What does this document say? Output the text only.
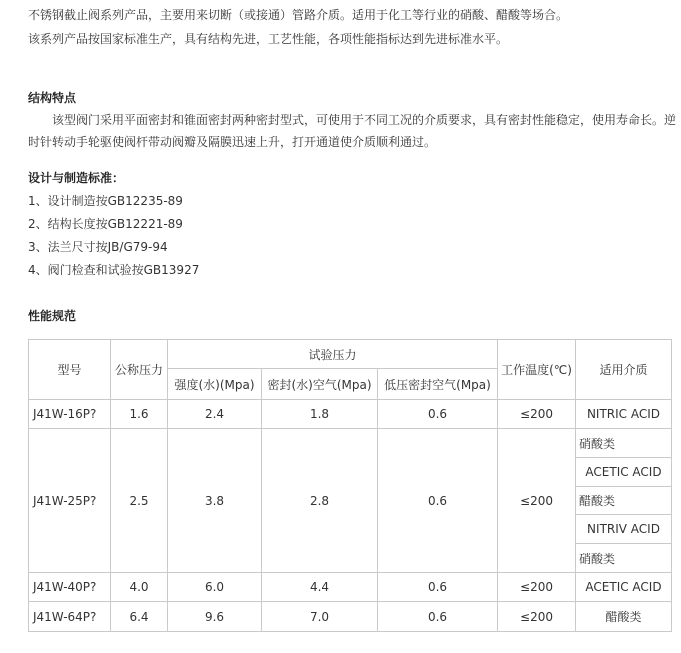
不锈钢截止阀系列产品，主要用来切断（或接通）管路介质。适用于化工等行业的硝酸、醋酸等场合。
该系列产品按国家标准生产，具有结构先进，工艺性能，各项性能指标达到先进标准水平。
结构特点
该型阀门采用平面密封和锥面密封两种密封型式，可使用于不同工况的介质要求，具有密封性能稳定，使用寿命长。逆
时针转动手轮驱使阀杆带动阀瓣及隔膜迅速上升，打开通道使介质顺利通过。
设计与制造标准：
1、设计制造按GB12235-89
2、结构长度按GB12221-89
3、法兰尺寸按JB/G79-94
4、阀门检查和试验按GB13927
性能规范
型号	公称压力	试验压力			工作温度(℃)	适用介质
		强度(水)(Mpa)	密封(水)空气(Mpa)	低压密封空气(Mpa)		
J41W-16P?	1.6	2.4	1.8	0.6	≤200	NITRIC ACID
J41W-25P?	2.5	3.8	2.8	0.6	≤200	硝酸类
						ACETIC ACID
						醋酸类
						NITRIV ACID
						硝酸类
J41W-40P?	4.0	6.0	4.4	0.6	≤200	ACETIC ACID
J41W-64P?	6.4	9.6	7.0	0.6	≤200	醋酸类
